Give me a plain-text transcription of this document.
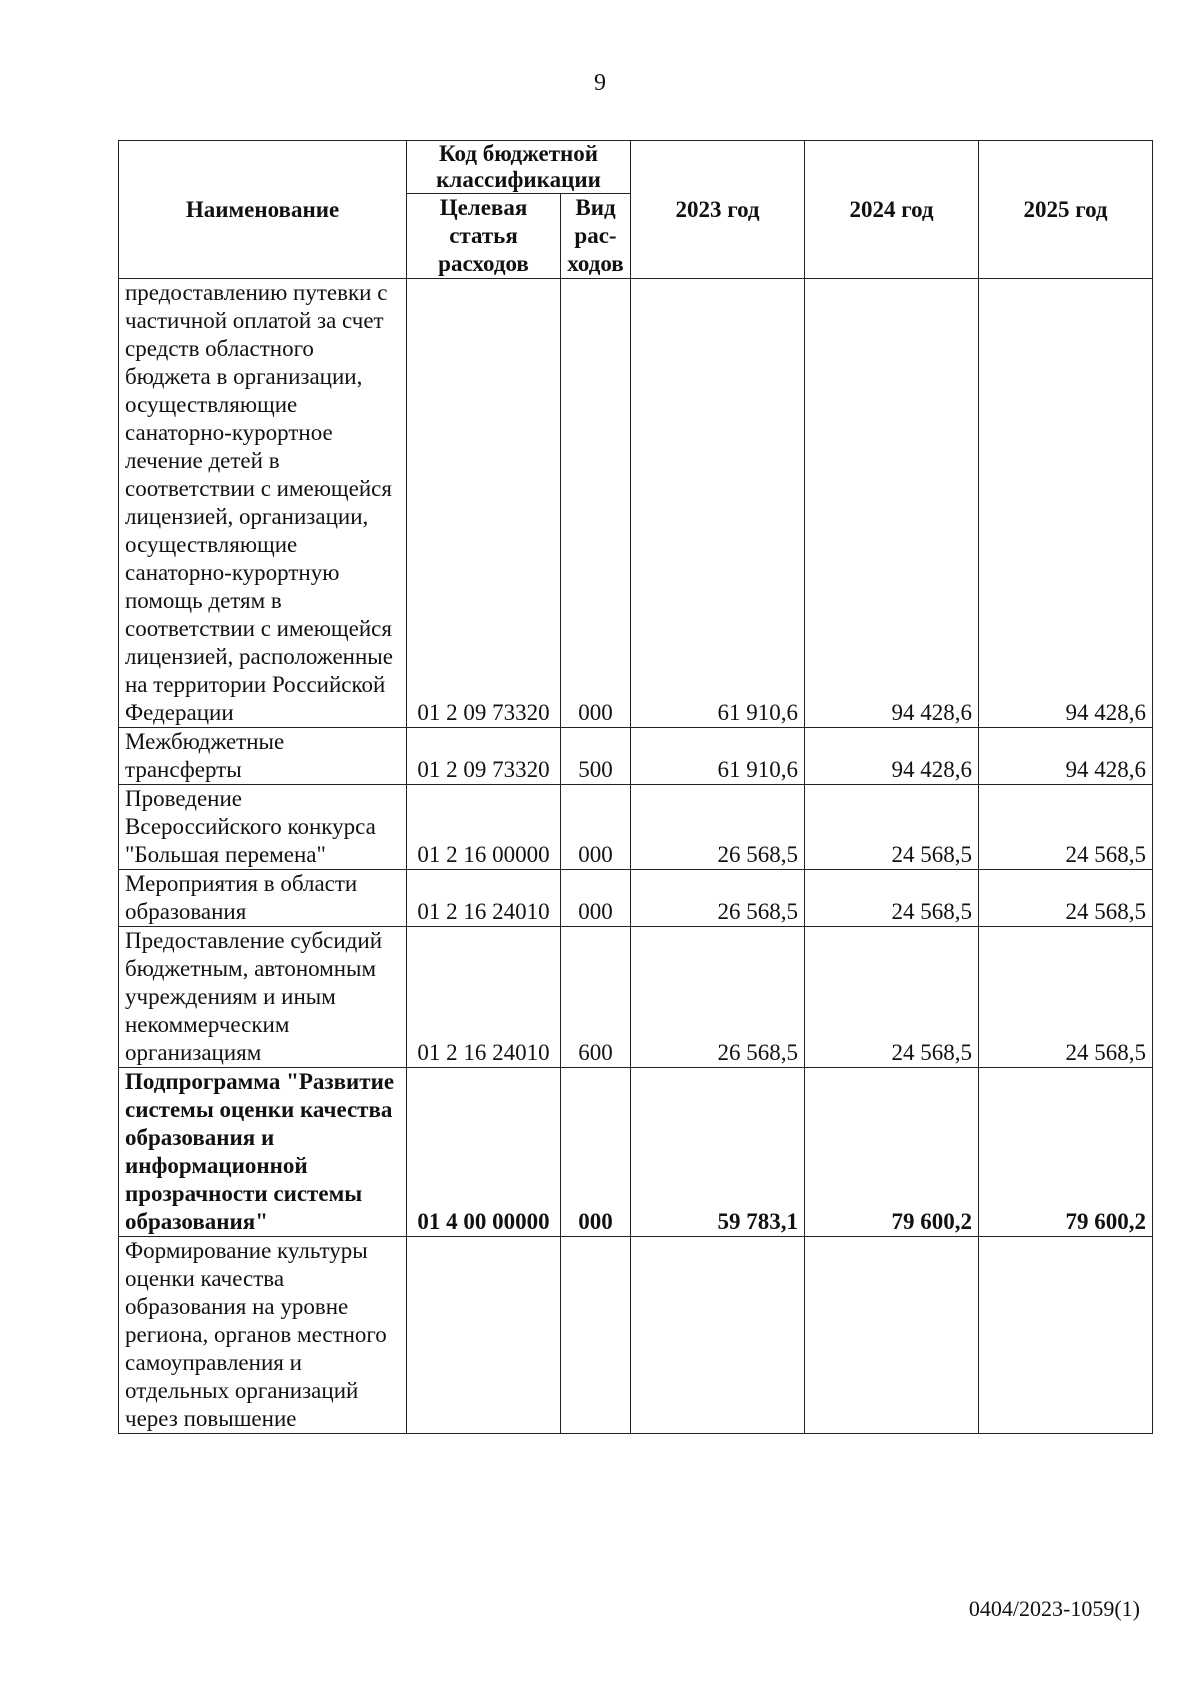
9
Наименование	Код бюджетной классификации		2023 год	2024 год	2025 год
	Целевая статья расходов	Вид рас-ходов			
предоставлению путевки с частичной оплатой за счет средств областного бюджета в организации, осуществляющие санаторно-курортное лечение детей в соответствии с имеющейся лицензией, организации, осуществляющие санаторно-курортную помощь детям в соответствии с имеющейся лицензией, расположенные на территории Российской Федерации	01 2 09 73320	000	61 910,6	94 428,6	94 428,6
Межбюджетные трансферты	01 2 09 73320	500	61 910,6	94 428,6	94 428,6
Проведение Всероссийского конкурса "Большая перемена"	01 2 16 00000	000	26 568,5	24 568,5	24 568,5
Мероприятия в области образования	01 2 16 24010	000	26 568,5	24 568,5	24 568,5
Предоставление субсидий бюджетным, автономным учреждениям и иным некоммерческим организациям	01 2 16 24010	600	26 568,5	24 568,5	24 568,5
Подпрограмма "Развитие системы оценки качества образования и информационной прозрачности системы образования"	01 4 00 00000	000	59 783,1	79 600,2	79 600,2
Формирование культуры оценки качества образования на уровне региона, органов местного самоуправления и отдельных организаций через повышение					
0404/2023-1059(1)
